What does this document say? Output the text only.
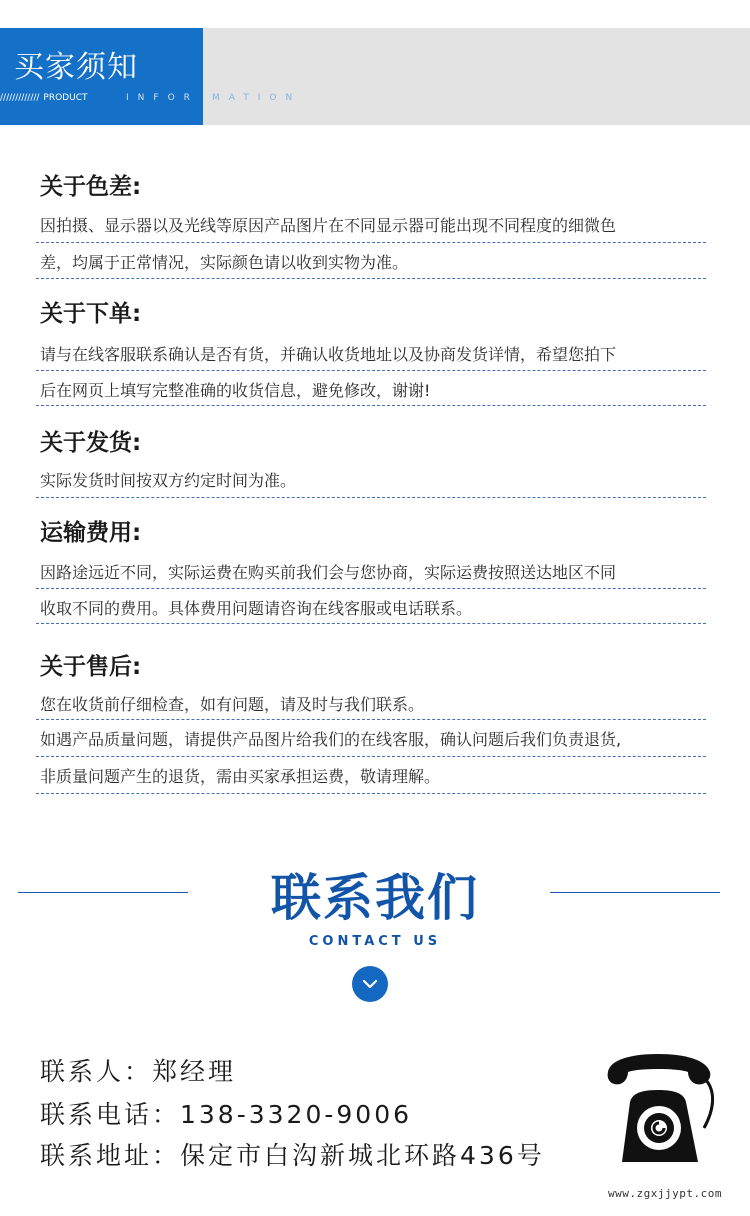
买家须知
///////////// PRODUCT	INFOR MATION
关于色差:
因拍摄、显示器以及光线等原因产品图片在不同显示器可能出现不同程度的细微色
差，均属于正常情况，实际颜色请以收到实物为准。
关于下单:
请与在线客服联系确认是否有货，并确认收货地址以及协商发货详情，希望您拍下
后在网页上填写完整准确的收货信息，避免修改，谢谢!
关于发货:
实际发货时间按双方约定时间为准。
运输费用:
因路途远近不同，实际运费在购买前我们会与您协商，实际运费按照送达地区不同
收取不同的费用。具体费用问题请咨询在线客服或电话联系。
关于售后:
您在收货前仔细检查，如有问题，请及时与我们联系。
如遇产品质量问题，请提供产品图片给我们的在线客服，确认问题后我们负责退货,
非质量问题产生的退货，需由买家承担运费，敬请理解。
联系我们
CONTACT US
联系人：郑经理
联系电话：138-3320-9006
联系地址：保定市白沟新城北环路436号
www.zgxjjypt.com
